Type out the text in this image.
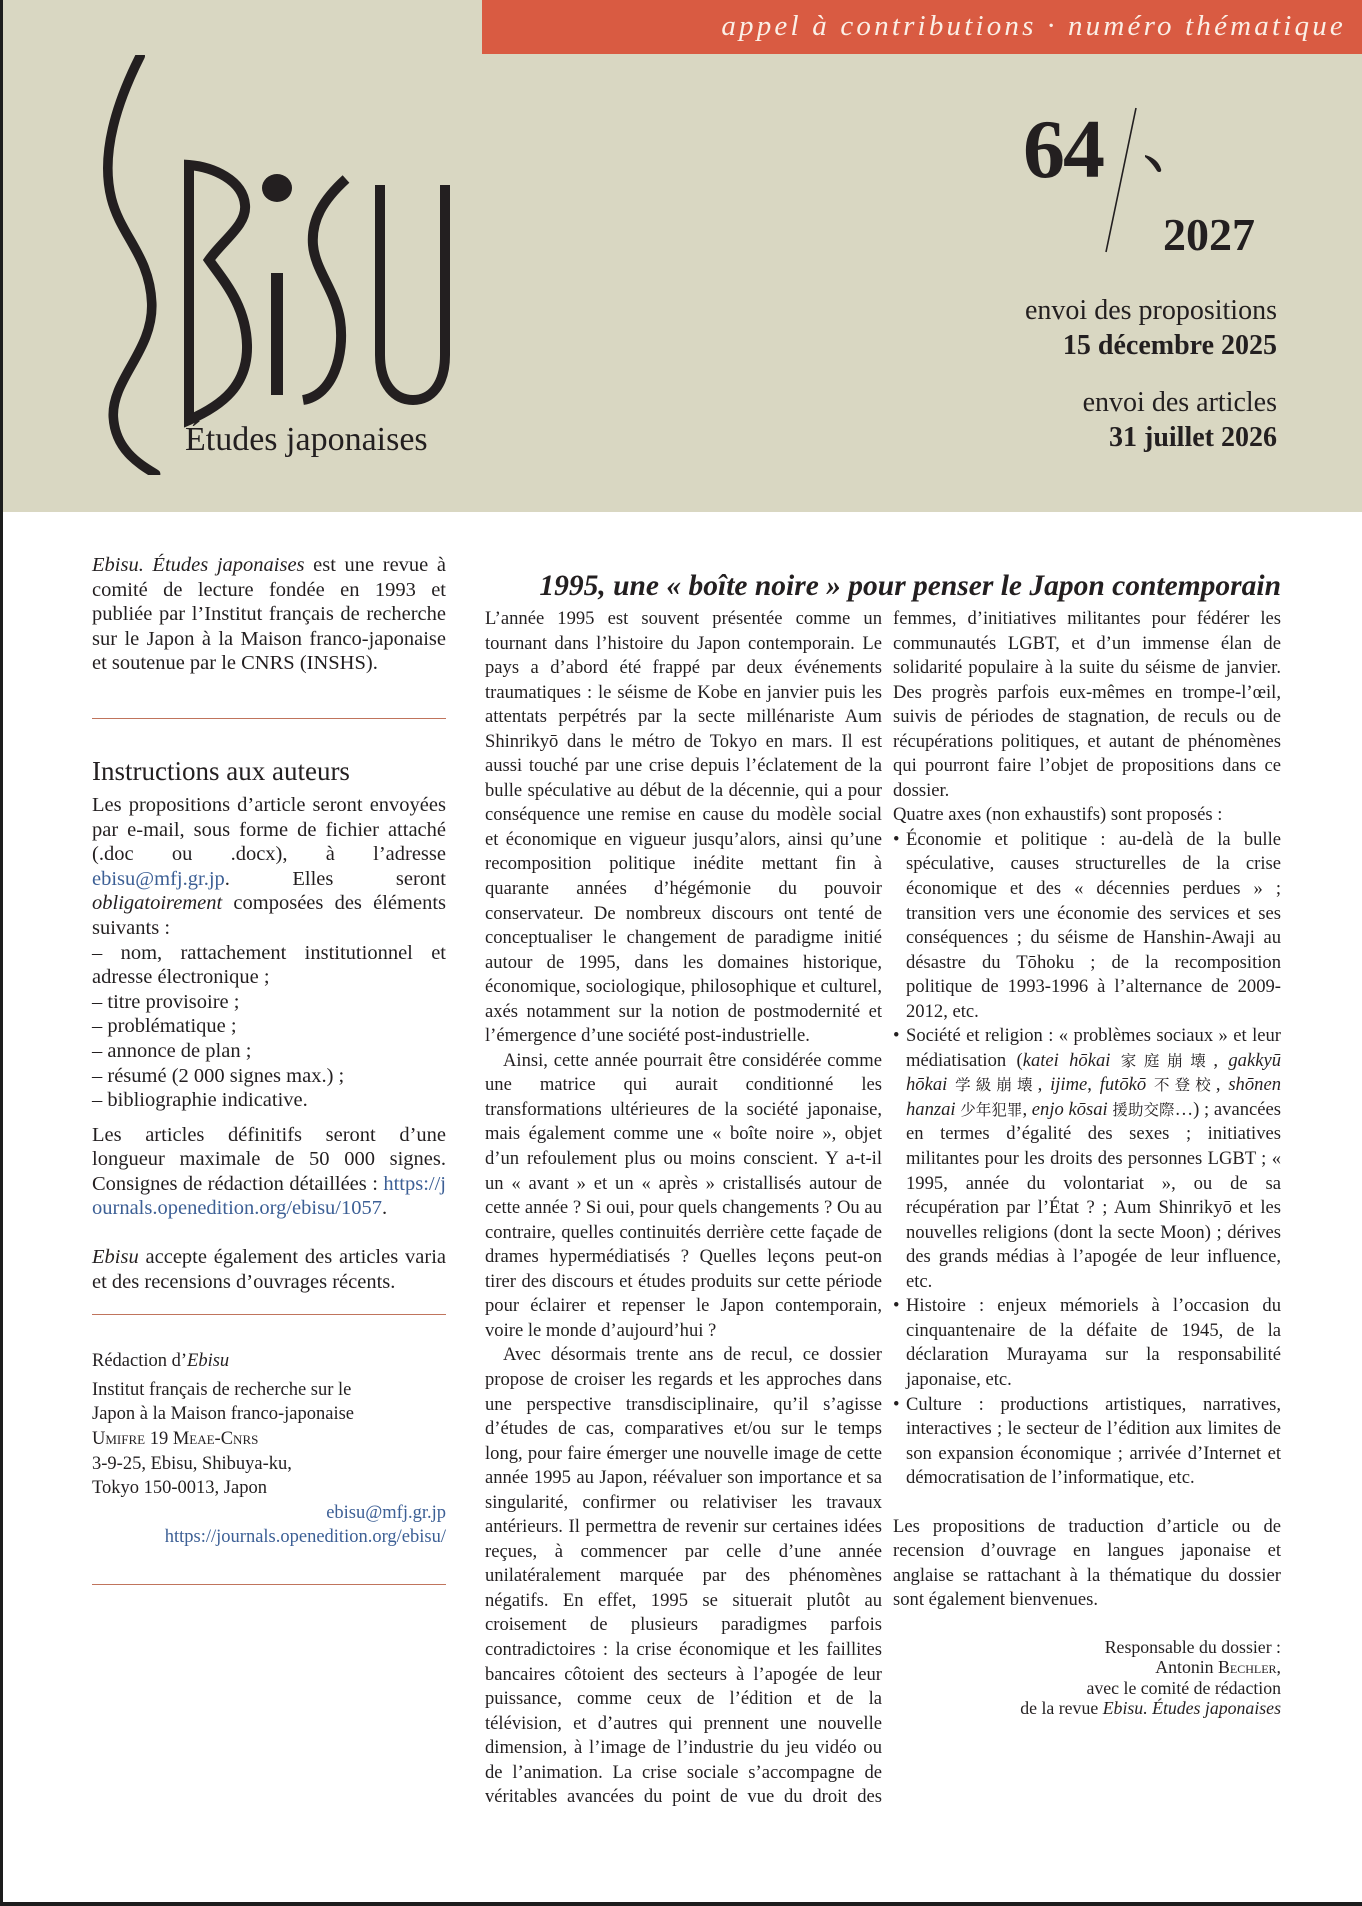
appel à contributions · numéro thématique
Études japonaises
64
2027
envoi des propositions
15 décembre 2025
envoi des articles
31 juillet 2026

Ebisu. Études japonaises est une revue à comité de lecture fondée en 1993 et publiée par l’Institut français de recherche sur le Japon à la Maison franco-japonaise et soutenue par le CNRS (INSHS).

Instructions aux auteurs

Les propositions d’article seront envoyées par e-mail, sous forme de fichier attaché (.doc ou .docx), à l’adresse ebisu@mfj.gr.jp. Elles seront obligatoirement composées des éléments suivants :

– nom, rattachement institutionnel et adresse électronique ;
– titre provisoire ;
– problématique ;
– annonce de plan ;
– résumé (2 000 signes max.) ;
– bibliographie indicative.

Les articles définitifs seront d’une longueur maximale de 50 000 signes. Consignes de rédaction détaillées : https://journals.openedition.org/ebisu/1057.

Ebisu accepte également des articles varia et des recensions d’ouvrages récents.

Rédaction d’Ebisu
Institut français de recherche sur le
Japon à la Maison franco-japonaise
Umifre 19 Meae-Cnrs
3-9-25, Ebisu, Shibuya-ku,
Tokyo 150-0013, Japon
ebisu@mfj.gr.jp
https://journals.openedition.org/ebisu/
1995, une « boîte noire » pour penser le Japon contemporain

L’année 1995 est souvent présentée comme un tournant dans l’histoire du Japon contemporain. Le pays a d’abord été frappé par deux événements traumatiques : le séisme de Kobe en janvier puis les attentats perpétrés par la secte millénariste Aum Shinrikyō dans le métro de Tokyo en mars. Il est aussi touché par une crise depuis l’éclatement de la bulle spéculative au début de la décennie, qui a pour conséquence une remise en cause du modèle social et économique en vigueur jusqu’alors, ainsi qu’une recomposition politique inédite mettant fin à quarante années d’hégémonie du pouvoir conservateur. De nombreux discours ont tenté de conceptualiser le changement de paradigme initié autour de 1995, dans les domaines historique, économique, sociologique, philosophique et culturel, axés notamment sur la notion de postmodernité et l’émergence d’une société post-industrielle.

Ainsi, cette année pourrait être considérée comme une matrice qui aurait conditionné les transformations ultérieures de la société japonaise, mais également comme une « boîte noire », objet d’un refoulement plus ou moins conscient. Y a-t-il un « avant » et un « après » cristallisés autour de cette année ? Si oui, pour quels changements ? Ou au contraire, quelles continuités derrière cette façade de drames hypermédiatisés ? Quelles leçons peut-on tirer des discours et études produits sur cette période pour éclairer et repenser le Japon contemporain, voire le monde d’aujourd’hui ?

Avec désormais trente ans de recul, ce dossier propose de croiser les regards et les approches dans une perspective transdisciplinaire, qu’il s’agisse d’études de cas, comparatives et/ou sur le temps long, pour faire émerger une nouvelle image de cette année 1995 au Japon, réévaluer son importance et sa singularité, confirmer ou relativiser les travaux antérieurs. Il permettra de revenir sur certaines idées reçues, à commencer par celle d’une année unilatéralement marquée par des phénomènes négatifs. En effet, 1995 se situerait plutôt au croisement de plusieurs paradigmes parfois contradictoires : la crise économique et les faillites bancaires côtoient des secteurs à l’apogée de leur puissance, comme ceux de l’édition et de la télévision, et d’autres qui prennent une nouvelle dimension, à l’image de l’industrie du jeu vidéo ou de l’animation. La crise sociale s’accompagne de véritables avancées du point de vue du droit des

femmes, d’initiatives militantes pour fédérer les communautés LGBT, et d’un immense élan de solidarité populaire à la suite du séisme de janvier. Des progrès parfois eux-mêmes en trompe-l’œil, suivis de périodes de stagnation, de reculs ou de récupérations politiques, et autant de phénomènes qui pourront faire l’objet de propositions dans ce dossier.

Quatre axes (non exhaustifs) sont proposés :

• Économie et politique : au-delà de la bulle spéculative, causes structurelles de la crise économique et des « décennies perdues » ; transition vers une économie des services et ses conséquences ; du séisme de Hanshin-Awaji au désastre du Tōhoku ; de la recomposition politique de 1993-1996 à l’alternance de 2009-2012, etc.
• Société et religion : « problèmes sociaux » et leur médiatisation (katei hōkai 家庭崩壊, gakkyū hōkai 学級崩壊, ijime, futōkō 不登校, shōnen hanzai 少年犯罪, enjo kōsai 援助交際…) ; avancées en termes d’égalité des sexes ; initiatives militantes pour les droits des personnes LGBT ; « 1995, année du volontariat », ou de sa récupération par l’État ? ; Aum Shinrikyō et les nouvelles religions (dont la secte Moon) ; dérives des grands médias à l’apogée de leur influence, etc.
• Histoire : enjeux mémoriels à l’occasion du cinquantenaire de la défaite de 1945, de la déclaration Murayama sur la responsabilité japonaise, etc.
• Culture : productions artistiques, narratives, interactives ; le secteur de l’édition aux limites de son expansion économique ; arrivée d’Internet et démocratisation de l’informatique, etc.

Les propositions de traduction d’article ou de recension d’ouvrage en langues japonaise et anglaise se rattachant à la thématique du dossier sont également bienvenues.

Responsable du dossier :
Antonin Bechler,
avec le comité de rédaction
de la revue Ebisu. Études japonaises
